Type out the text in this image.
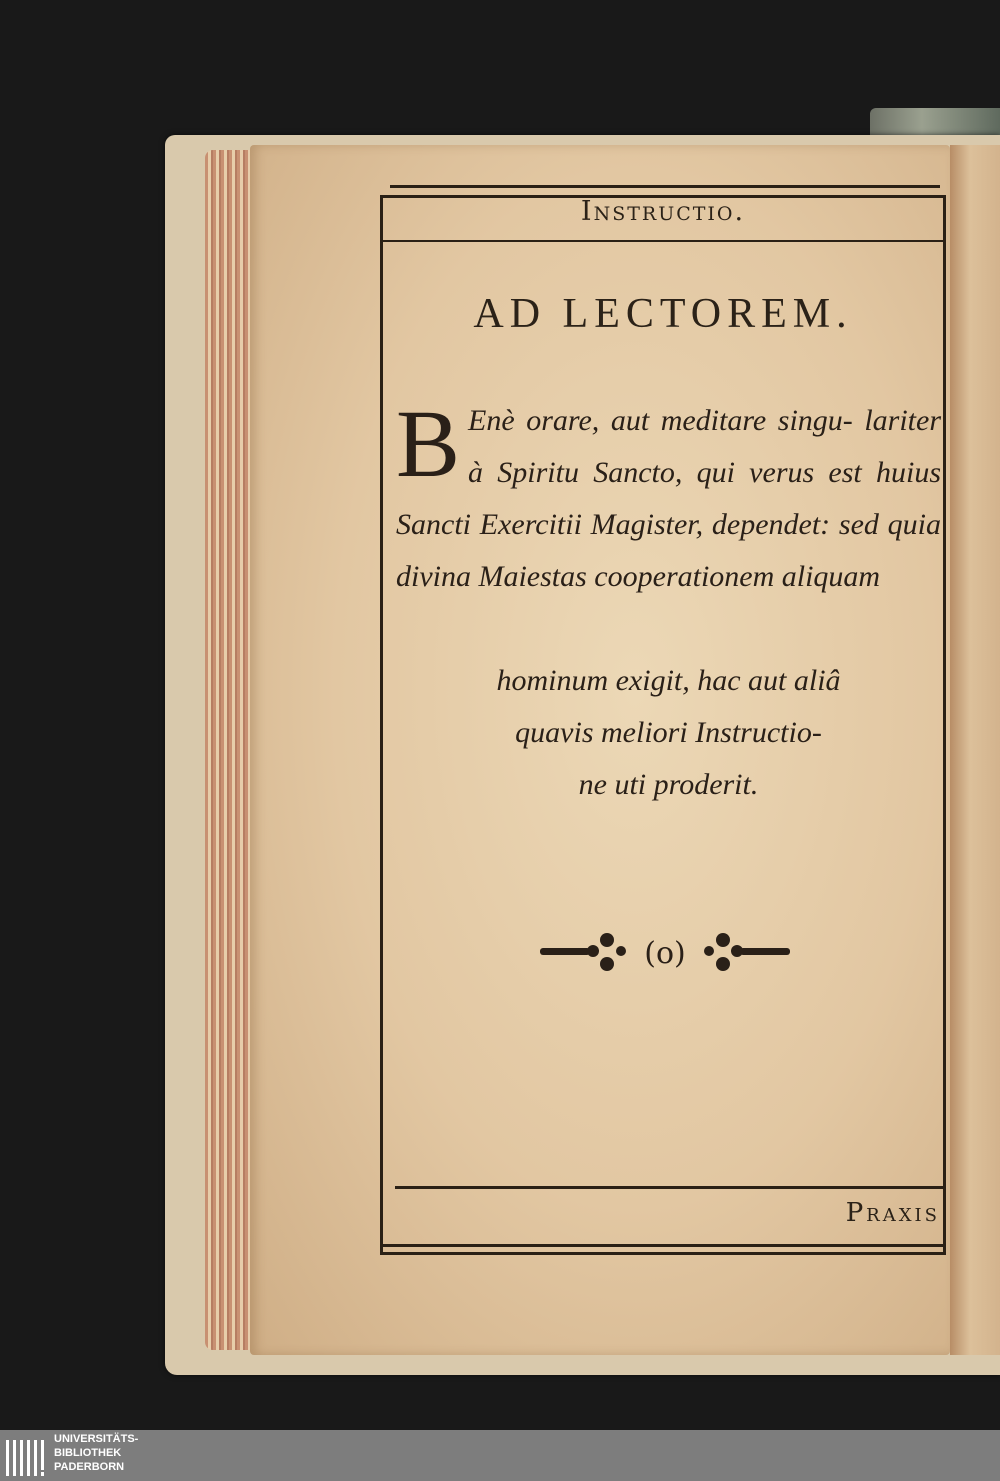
Instructio.
AD LECTOREM.
B Enè orare, aut meditare singu- lariter à Spiritu Sancto, qui verus est huius Sancti Exercitii Magister, dependet: sed quia divina Maiestas cooperationem aliquam
hominum exigit, hac aut aliâ
quavis meliori Instructio-
ne uti proderit.
(o)
Praxis
UNIVERSITÄTS-
BIBLIOTHEK
PADERBORN
